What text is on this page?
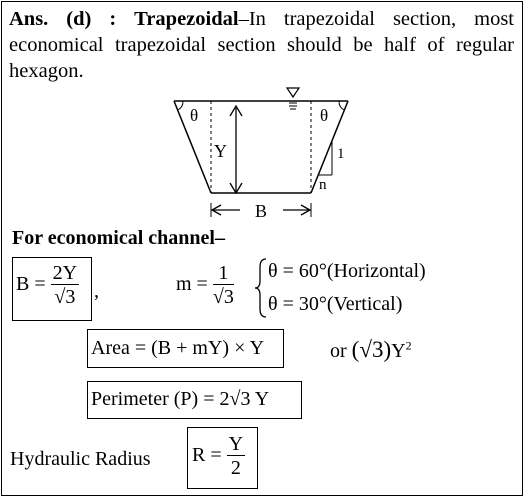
Ans. (d) : Trapezoidal–In trapezoidal section, most economical trapezoidal section should be half of regular hexagon.
θ	θ
Y
B
1
n
For economical channel–
$B = \frac{2Y}{√3}$ ,	$m = \frac{1}{√3}$ θ = 60°(Horizontal)
θ = 30°(Vertical)
Area = (B + mY) × Y	or $(√3)Y^2$
Perimeter (P) = 2√3 Y
Hydraulic Radius $R = \frac{Y}{2}$
